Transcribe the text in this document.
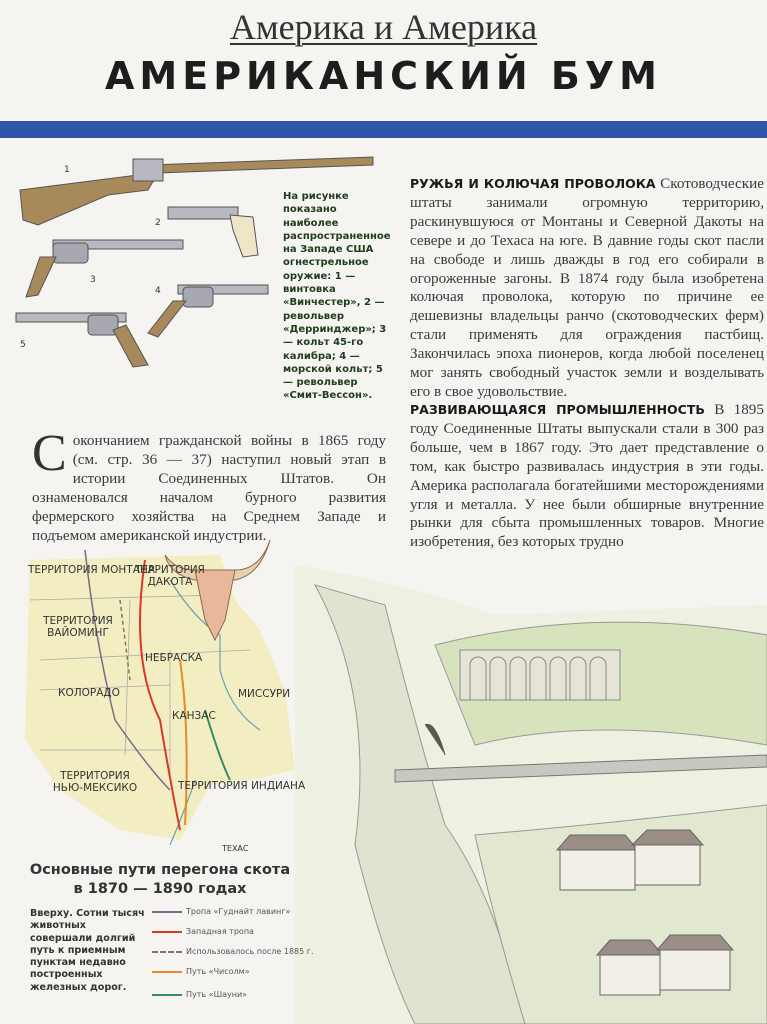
Америка и Америка
АМЕРИКАНСКИЙ БУМ
1
2
3
4
5
На рисунке показано наиболее распространенное на Западе США огнестрельное оружие: 1 — винтовка «Винчестер», 2 — револьвер «Дерринджер»; 3 — кольт 45-го калибра; 4 — морской кольт; 5 — револьвер «Смит-Вессон».
С окончанием гражданской войны в 1865 году (см. стр. 36 — 37) наступил новый этап в истории Соединенных Штатов. Он ознаменовался началом бурного развития фермерского хозяйства на Среднем Западе и подъемом американской индустрии.
РУЖЬЯ И КОЛЮЧАЯ ПРОВОЛОКА Скотоводческие штаты занимали огромную территорию, раскинувшуюся от Монтаны и Северной Дакоты на севере и до Техаса на юге. В давние годы скот пасли на свободе и лишь дважды в год его собирали в огороженные загоны. В 1874 году была изобретена колючая проволока, которую по причине ее дешевизны владельцы ранчо (скотоводческих ферм) стали применять для ограждения пастбищ. Закончилась эпоха пионеров, когда любой поселенец мог занять свободный участок земли и возделывать его в свое удовольствие.
РАЗВИВАЮЩАЯСЯ ПРОМЫШЛЕННОСТЬ В 1895 году Соединенные Штаты выпускали стали в 300 раз больше, чем в 1867 году. Это дает представление о том, как быстро развивалась индустрия в эти годы. Америка располагала богатейшими месторождениями угля и металла. У нее были обширные внутренние рынки для сбыта промышленных товаров. Многие изобретения, без которых трудно
ТЕРРИТОРИЯ МОНТАНА
ТЕРРИТОРИЯ ДАКОТА
ТЕРРИТОРИЯ ВАЙОМИНГ
НЕБРАСКА
КОЛОРАДО	МИССУРИ
КАНЗАС
ТЕРРИТОРИЯ НЬЮ-МЕКСИКО	ТЕРРИТОРИЯ ИНДИАНА
ТЕХАС
Основные пути перегона скота
в 1870 — 1890 годах
Вверху. Сотни тысяч животных совершали долгий путь к приемным пунктам недавно построенных железных дорог.
Тропа «Гуднайт лавинг»
Западная тропа
Использовалось после 1885 г.
Путь «Чисолм»
Путь «Шауни»
